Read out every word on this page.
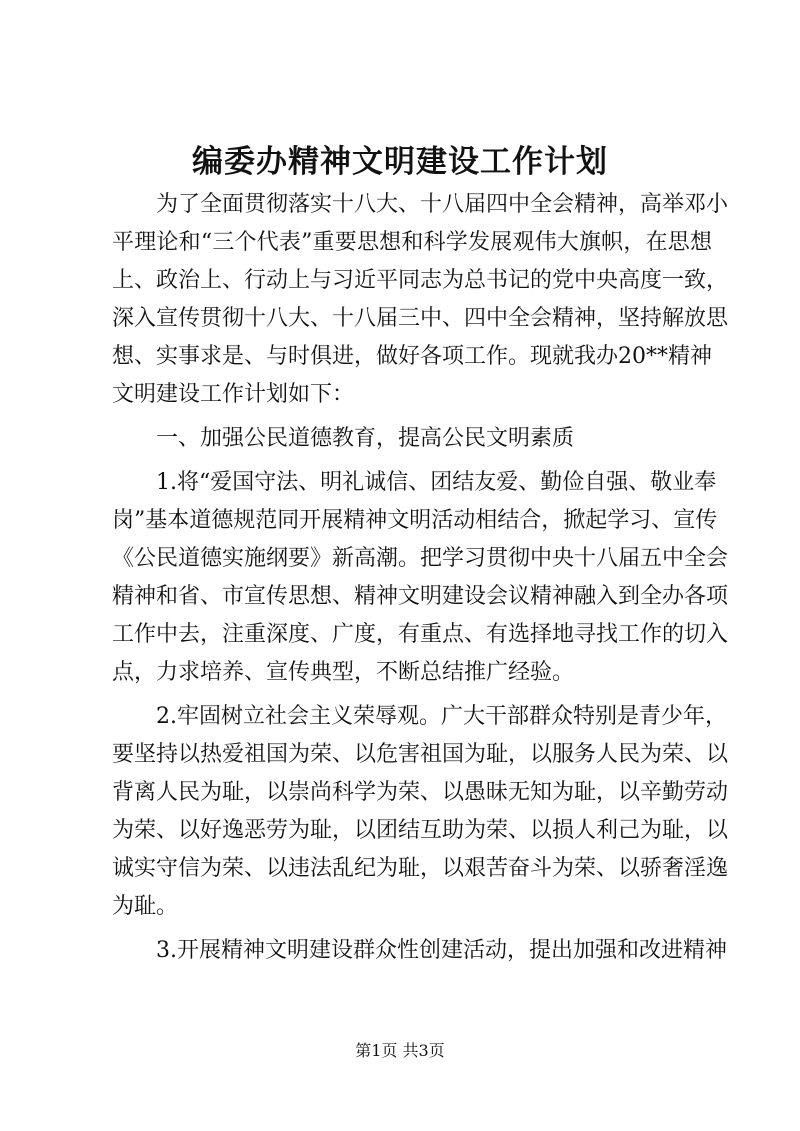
编委办精神文明建设工作计划
为了全面贯彻落实十八大、十八届四中全会精神，高举邓小
平理论和“三个代表”重要思想和科学发展观伟大旗帜，在思想
上、政治上、行动上与习近平同志为总书记的党中央高度一致，
深入宣传贯彻十八大、十八届三中、四中全会精神，坚持解放思
想、实事求是、与时俱进，做好各项工作。现就我办20**精神
文明建设工作计划如下：
一、加强公民道德教育，提高公民文明素质
1.将“爱国守法、明礼诚信、团结友爱、勤俭自强、敬业奉
岗”基本道德规范同开展精神文明活动相结合，掀起学习、宣传
《公民道德实施纲要》新高潮。把学习贯彻中央十八届五中全会
精神和省、市宣传思想、精神文明建设会议精神融入到全办各项
工作中去，注重深度、广度，有重点、有选择地寻找工作的切入
点，力求培养、宣传典型，不断总结推广经验。
2.牢固树立社会主义荣辱观。广大干部群众特别是青少年，
要坚持以热爱祖国为荣、以危害祖国为耻，以服务人民为荣、以
背离人民为耻，以崇尚科学为荣、以愚昧无知为耻，以辛勤劳动
为荣、以好逸恶劳为耻，以团结互助为荣、以损人利己为耻，以
诚实守信为荣、以违法乱纪为耻，以艰苦奋斗为荣、以骄奢淫逸
为耻。
3.开展精神文明建设群众性创建活动，提出加强和改进精神
第1页 共3页
